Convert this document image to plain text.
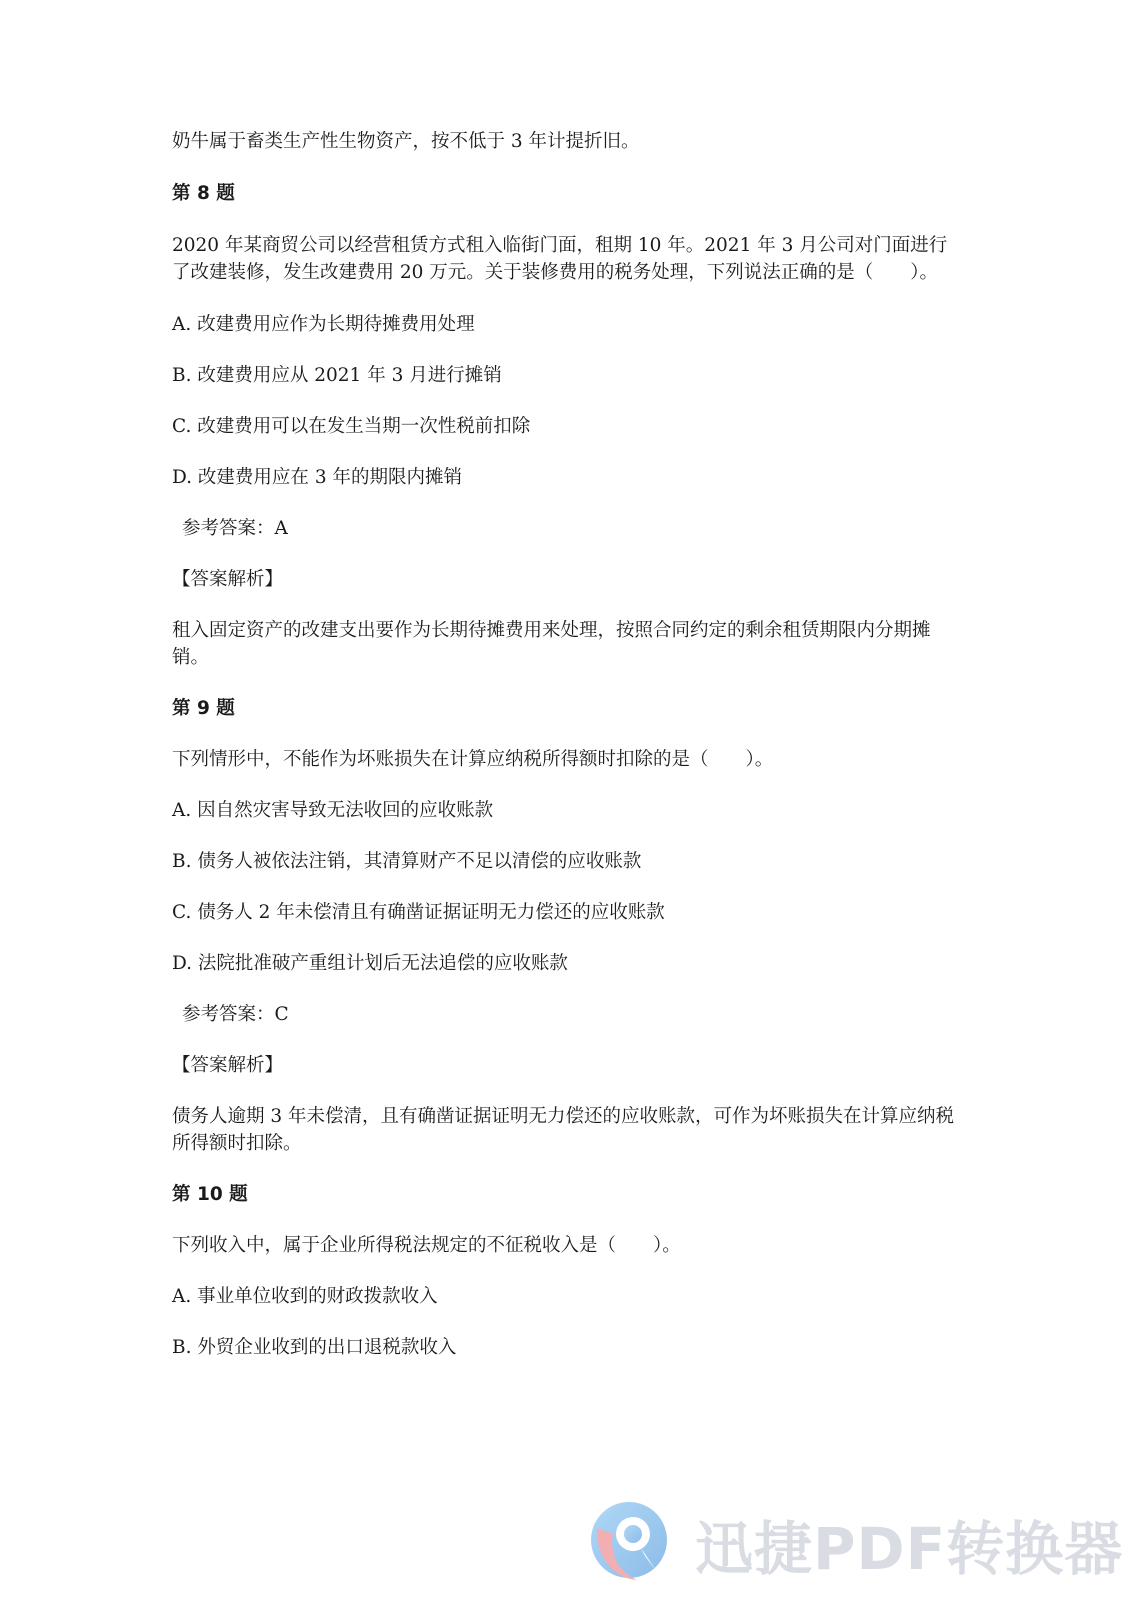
奶牛属于畜类生产性生物资产，按不低于 3 年计提折旧。

第 8 题

2020 年某商贸公司以经营租赁方式租入临街门面，租期 10 年。2021 年 3 月公司对门面进行了改建装修，发生改建费用 20 万元。关于装修费用的税务处理，下列说法正确的是（　　）。

A. 改建费用应作为长期待摊费用处理

B. 改建费用应从 2021 年 3 月进行摊销

C. 改建费用可以在发生当期一次性税前扣除

D. 改建费用应在 3 年的期限内摊销

参考答案：A

【答案解析】

租入固定资产的改建支出要作为长期待摊费用来处理，按照合同约定的剩余租赁期限内分期摊销。

第 9 题

下列情形中，不能作为坏账损失在计算应纳税所得额时扣除的是（　　）。

A. 因自然灾害导致无法收回的应收账款

B. 债务人被依法注销，其清算财产不足以清偿的应收账款

C. 债务人 2 年未偿清且有确凿证据证明无力偿还的应收账款

D. 法院批准破产重组计划后无法追偿的应收账款

参考答案：C

【答案解析】

债务人逾期 3 年未偿清，且有确凿证据证明无力偿还的应收账款，可作为坏账损失在计算应纳税所得额时扣除。

第 10 题

下列收入中，属于企业所得税法规定的不征税收入是（　　）。

A. 事业单位收到的财政拨款收入

B. 外贸企业收到的出口退税款收入

迅捷PDF转换器
